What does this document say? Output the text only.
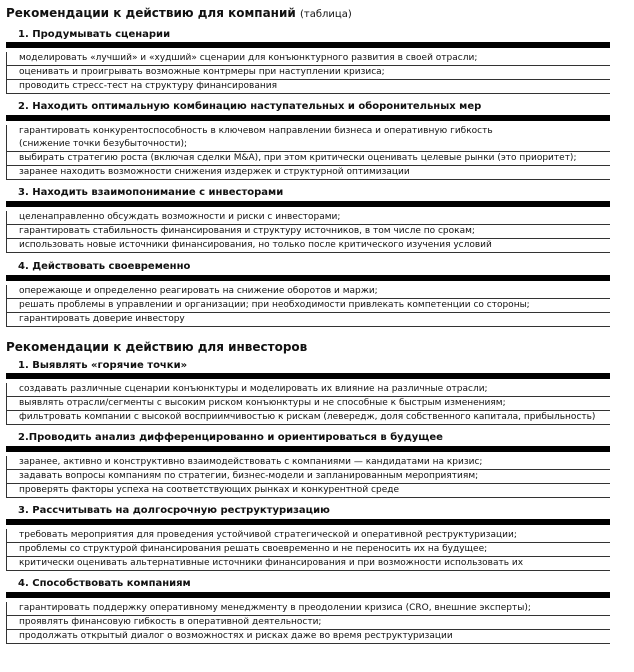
Рекомендации к действию для компаний (таблица)
1. Продумывать сценарии
моделировать «лучший» и «худший» сценарии для конъюнктурного развития в своей отрасли;
оценивать и проигрывать возможные контрмеры при наступлении кризиса;
проводить стресс-тест на структуру финансирования
2. Находить оптимальную комбинацию наступательных и оборонительных мер
гарантировать конкурентоспособность в ключевом направлении бизнеса и оперативную гибкость
(снижение точки безубыточности);
выбирать стратегию роста (включая сделки M&A), при этом критически оценивать целевые рынки (это приоритет);
заранее находить возможности снижения издержек и структурной оптимизации
3. Находить взаимопонимание с инвесторами
целенаправленно обсуждать возможности и риски с инвесторами;
гарантировать стабильность финансирования и структуру источников, в том числе по срокам;
использовать новые источники финансирования, но только после критического изучения условий
4. Действовать своевременно
опережающе и определенно реагировать на снижение оборотов и маржи;
решать проблемы в управлении и организации; при необходимости привлекать компетенции со стороны;
гарантировать доверие инвестору
Рекомендации к действию для инвесторов
1. Выявлять «горячие точки»
создавать различные сценарии конъюнктуры и моделировать их влияние на различные отрасли;
выявлять отрасли/сегменты с высоким риском конъюнктуры и не способные к быстрым изменениям;
фильтровать компании с высокой восприимчивостью к рискам (левередж, доля собственного капитала, прибыльность)
2.Проводить анализ дифференцированно и ориентироваться в будущее
заранее, активно и конструктивно взаимодействовать с компаниями — кандидатами на кризис;
задавать вопросы компаниям по стратегии, бизнес-модели и запланированным мероприятиям;
проверять факторы успеха на соответствующих рынках и конкурентной среде
3. Рассчитывать на долгосрочную реструктуризацию
требовать мероприятия для проведения устойчивой стратегической и оперативной реструктуризации;
проблемы со структурой финансирования решать своевременно и не переносить их на будущее;
критически оценивать альтернативные источники финансирования и при возможности использовать их
4. Способствовать компаниям
гарантировать поддержку оперативному менеджменту в преодолении кризиса (CRO, внешние эксперты);
проявлять финансовую гибкость в оперативной деятельности;
продолжать открытый диалог о возможностях и рисках даже во время реструктуризации
